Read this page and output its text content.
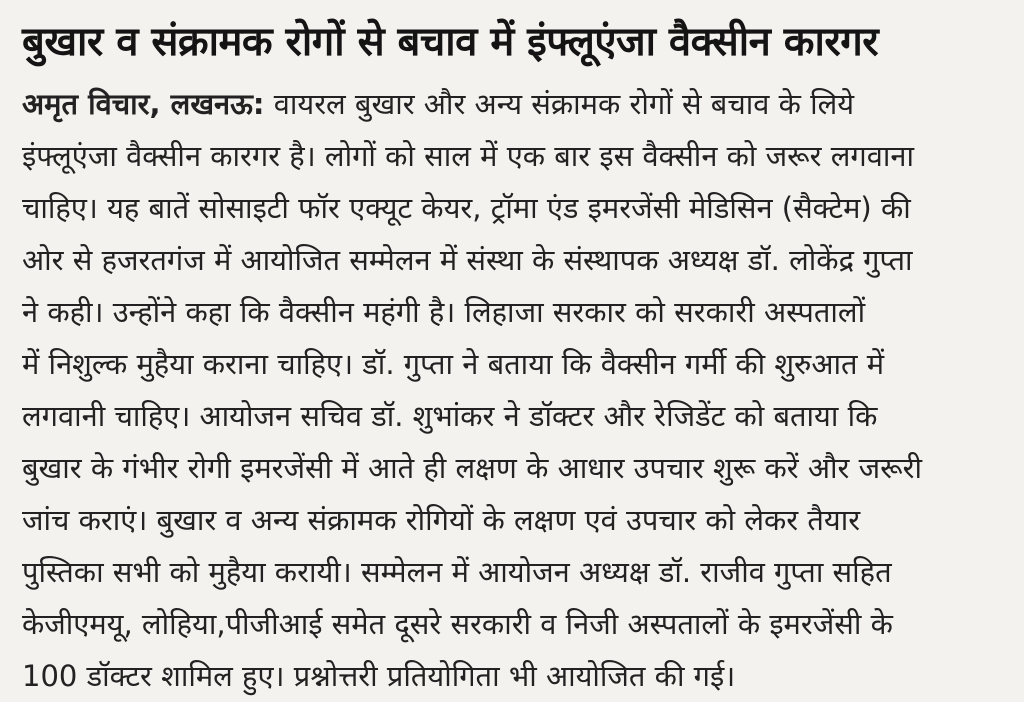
बुखार व संक्रामक रोगों से बचाव में इंफ्लूएंजा वैक्सीन कारगर
अमृत विचार, लखनऊ: वायरल बुखार और अन्य संक्रामक रोगों से बचाव के लिये
इंफ्लूएंजा वैक्सीन कारगर है। लोगों को साल में एक बार इस वैक्सीन को जरूर लगवाना
चाहिए। यह बातें सोसाइटी फॉर एक्यूट केयर, ट्रॉमा एंड इमरजेंसी मेडिसिन (सैक्टेम) की
ओर से हजरतगंज में आयोजित सम्मेलन में संस्था के संस्थापक अध्यक्ष डॉ. लोकेंद्र गुप्ता
ने कही। उन्होंने कहा कि वैक्सीन महंगी है। लिहाजा सरकार को सरकारी अस्पतालों
में निशुल्क मुहैया कराना चाहिए। डॉ. गुप्ता ने बताया कि वैक्सीन गर्मी की शुरुआत में
लगवानी चाहिए। आयोजन सचिव डॉ. शुभांकर ने डॉक्टर और रेजिडेंट को बताया कि
बुखार के गंभीर रोगी इमरजेंसी में आते ही लक्षण के आधार उपचार शुरू करें और जरूरी
जांच कराएं। बुखार व अन्य संक्रामक रोगियों के लक्षण एवं उपचार को लेकर तैयार
पुस्तिका सभी को मुहैया करायी। सम्मेलन में आयोजन अध्यक्ष डॉ. राजीव गुप्ता सहित
केजीएमयू, लोहिया,पीजीआई समेत दूसरे सरकारी व निजी अस्पतालों के इमरजेंसी के
100 डॉक्टर शामिल हुए। प्रश्नोत्तरी प्रतियोगिता भी आयोजित की गई।
